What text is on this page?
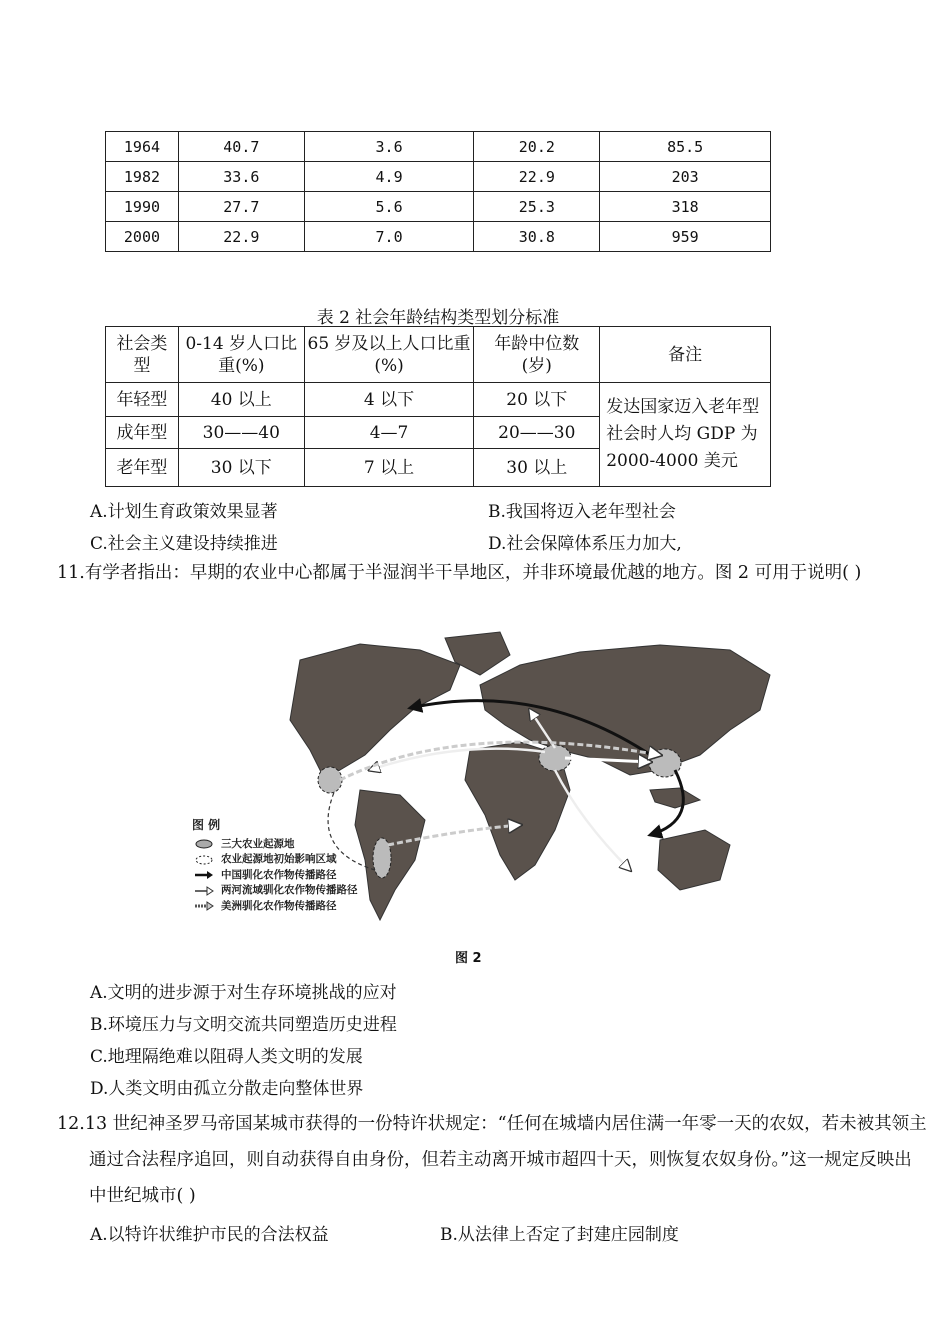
1964	40.7	3.6	20.2	85.5
1982	33.6	4.9	22.9	203
1990	27.7	5.6	25.3	318
2000	22.9	7.0	30.8	959
表 2 社会年龄结构类型划分标准
社会类型	0-14 岁人口比重(%)	65 岁及以上人口比重(%)	年龄中位数(岁)	备注
年轻型	40 以上	4 以下	20 以下	发达国家迈入老年型社会时人均 GDP 为 2000-4000 美元
成年型	30——40	4—7	20——30	
老年型	30 以下	7 以上	30 以上	
A.计划生育政策效果显著	B.我国将迈入老年型社会
C.社会主义建设持续推进	D.社会保障体系压力加大,
11.有学者指出：早期的农业中心都属于半湿润半干旱地区，并非环境最优越的地方。图 2 可用于说明( )
图 例
三大农业起源地
农业起源地初始影响区域
中国驯化农作物传播路径
两河流域驯化农作物传播路径
美洲驯化农作物传播路径
图 2
A.文明的进步源于对生存环境挑战的应对
B.环境压力与文明交流共同塑造历史进程
C.地理隔绝难以阻碍人类文明的发展
D.人类文明由孤立分散走向整体世界
12.13 世纪神圣罗马帝国某城市获得的一份特许状规定：“任何在城墙内居住满一年零一天的农奴，若未被其领主通过合法程序追回，则自动获得自由身份，但若主动离开城市超四十天，则恢复农奴身份。”这一规定反映出中世纪城市( )
A.以特许状维护市民的合法权益	B.从法律上否定了封建庄园制度
